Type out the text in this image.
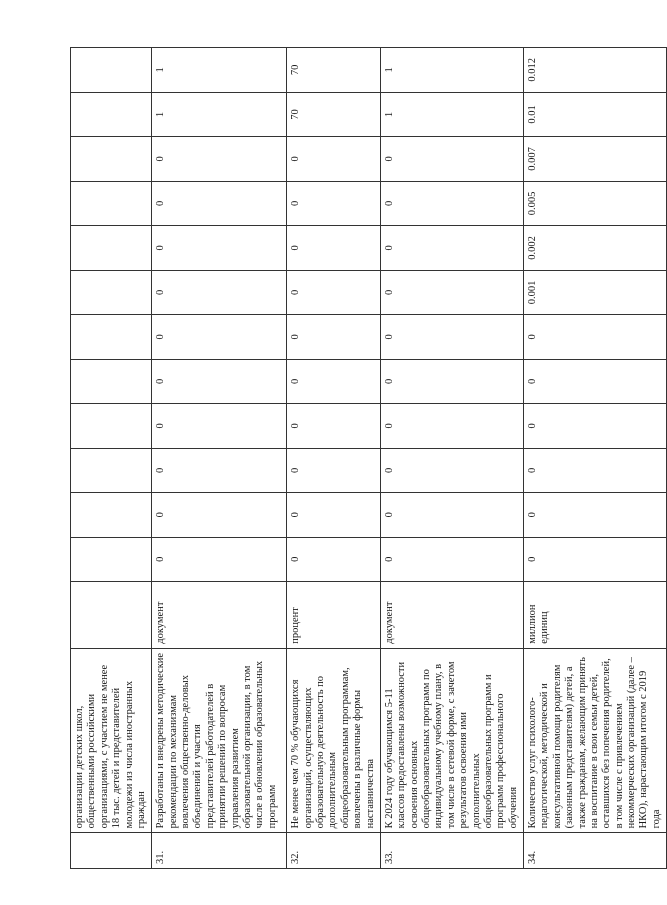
	организации детских школ, общественными российскими организациями, с участием не менее 18 тыс. детей и представителей молодежи из числа иностранных граждан													
31.	Разработаны и внедрены методические рекомендации по механизмам вовлечения общественно-деловых объединений и участия представителей работодателей в принятии решений по вопросам управления развитием образовательной организации, в том числе в обновлении образовательных программ	документ	0	0	0	0	0	0	0	0	0	0	1	1
32.	Не менее чем 70 % обучающихся организаций, осуществляющих образовательную деятельность по дополнительным общеобразовательным программам, вовлечены в различные формы наставничества	процент	0	0	0	0	0	0	0	0	0	0	70	70
33.	К 2024 году обучающимся 5-11 классов предоставлены возможности освоения основных общеобразовательных программ по индивидуальному учебному плану, в том числе в сетевой форме, с зачетом результатов освоения ими дополнительных общеобразовательных программ и программ профессионального обучения	документ	0	0	0	0	0	0	0	0	0	0	1	1
34.	Количество услуг психолого-педагогической, методической и консультативной помощи родителям (законным представителям) детей, а также гражданам, желающим принять на воспитание в свои семьи детей, оставшихся без попечения родителей, в том числе с привлечением некоммерческих организаций (далее – НКО), нарастающим итогом с 2019 года	миллион единиц	0	0	0	0	0	0	0.001	0.002	0.005	0.007	0.01	0.012
